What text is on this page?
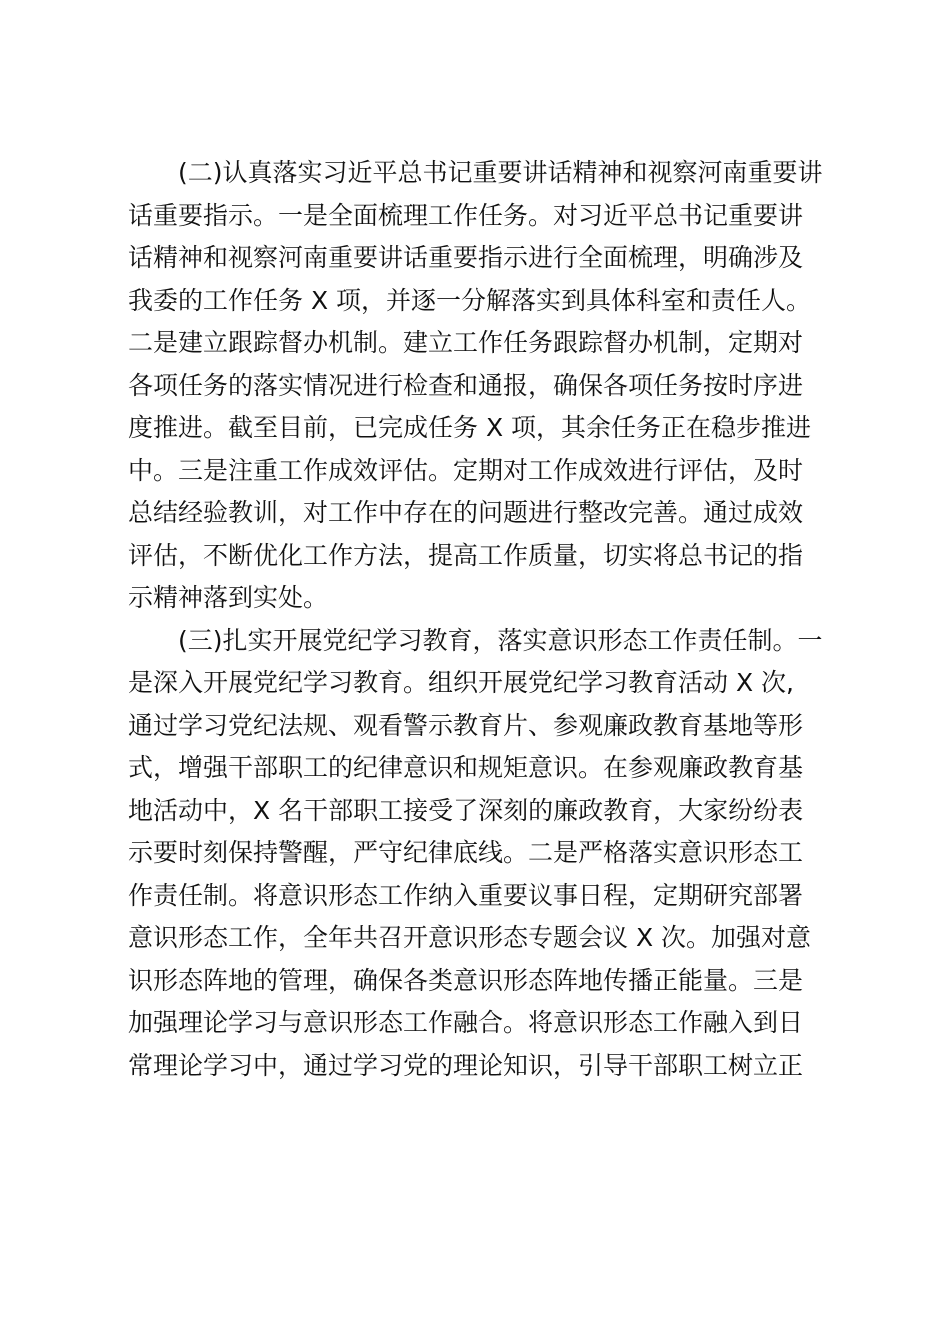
(二)认真落实习近平总书记重要讲话精神和视察河南重要讲
话重要指示。一是全面梳理工作任务。对习近平总书记重要讲
话精神和视察河南重要讲话重要指示进行全面梳理，明确涉及
我委的工作任务 X 项，并逐一分解落实到具体科室和责任人。
二是建立跟踪督办机制。建立工作任务跟踪督办机制，定期对
各项任务的落实情况进行检查和通报，确保各项任务按时序进
度推进。截至目前，已完成任务 X 项，其余任务正在稳步推进
中。三是注重工作成效评估。定期对工作成效进行评估，及时
总结经验教训，对工作中存在的问题进行整改完善。通过成效
评估，不断优化工作方法，提高工作质量，切实将总书记的指
示精神落到实处。
(三)扎实开展党纪学习教育，落实意识形态工作责任制。一
是深入开展党纪学习教育。组织开展党纪学习教育活动 X 次,
通过学习党纪法规、观看警示教育片、参观廉政教育基地等形
式，增强干部职工的纪律意识和规矩意识。在参观廉政教育基
地活动中，X 名干部职工接受了深刻的廉政教育，大家纷纷表
示要时刻保持警醒，严守纪律底线。二是严格落实意识形态工
作责任制。将意识形态工作纳入重要议事日程，定期研究部署
意识形态工作，全年共召开意识形态专题会议 X 次。加强对意
识形态阵地的管理，确保各类意识形态阵地传播正能量。三是
加强理论学习与意识形态工作融合。将意识形态工作融入到日
常理论学习中，通过学习党的理论知识，引导干部职工树立正
